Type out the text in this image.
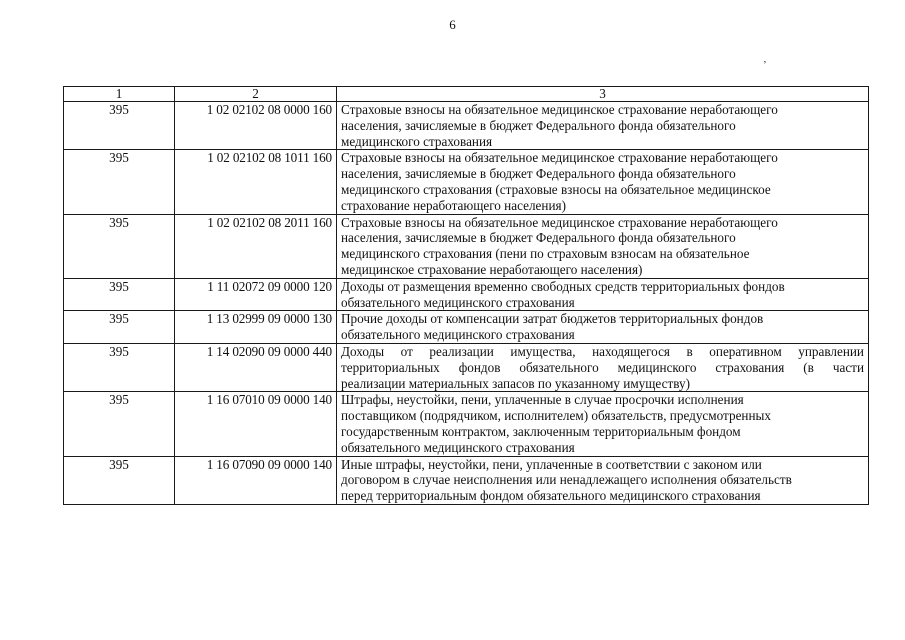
6
’
1	2	3
395	1 02 02102 08 0000 160	Страховые взносы на обязательное медицинское страхование неработающего
населения, зачисляемые в бюджет Федерального фонда обязательного
медицинского страхования

395	1 02 02102 08 1011 160	Страховые взносы на обязательное медицинское страхование неработающего
населения, зачисляемые в бюджет Федерального фонда обязательного
медицинского страхования (страховые взносы на обязательное медицинское
страхование неработающего населения)

395	1 02 02102 08 2011 160	Страховые взносы на обязательное медицинское страхование неработающего
населения, зачисляемые в бюджет Федерального фонда обязательного
медицинского страхования (пени по страховым взносам на обязательное
медицинское страхование неработающего населения)

395	1 11 02072 09 0000 120	Доходы от размещения временно свободных средств территориальных фондов
обязательного медицинского страхования

395	1 13 02999 09 0000 130	Прочие доходы от компенсации затрат бюджетов территориальных фондов
обязательного медицинского страхования

395	1 14 02090 09 0000 440	Доходы от реализации имущества, находящегося в оперативном управлении
территориальных фондов обязательного медицинского страхования (в части
реализации материальных запасов по указанному имуществу)

395	1 16 07010 09 0000 140	Штрафы, неустойки, пени, уплаченные в случае просрочки исполнения
поставщиком (подрядчиком, исполнителем) обязательств, предусмотренных
государственным контрактом, заключенным территориальным фондом
обязательного медицинского страхования

395	1 16 07090 09 0000 140	Иные штрафы, неустойки, пени, уплаченные в соответствии с законом или
договором в случае неисполнения или ненадлежащего исполнения обязательств
перед территориальным фондом обязательного медицинского страхования
